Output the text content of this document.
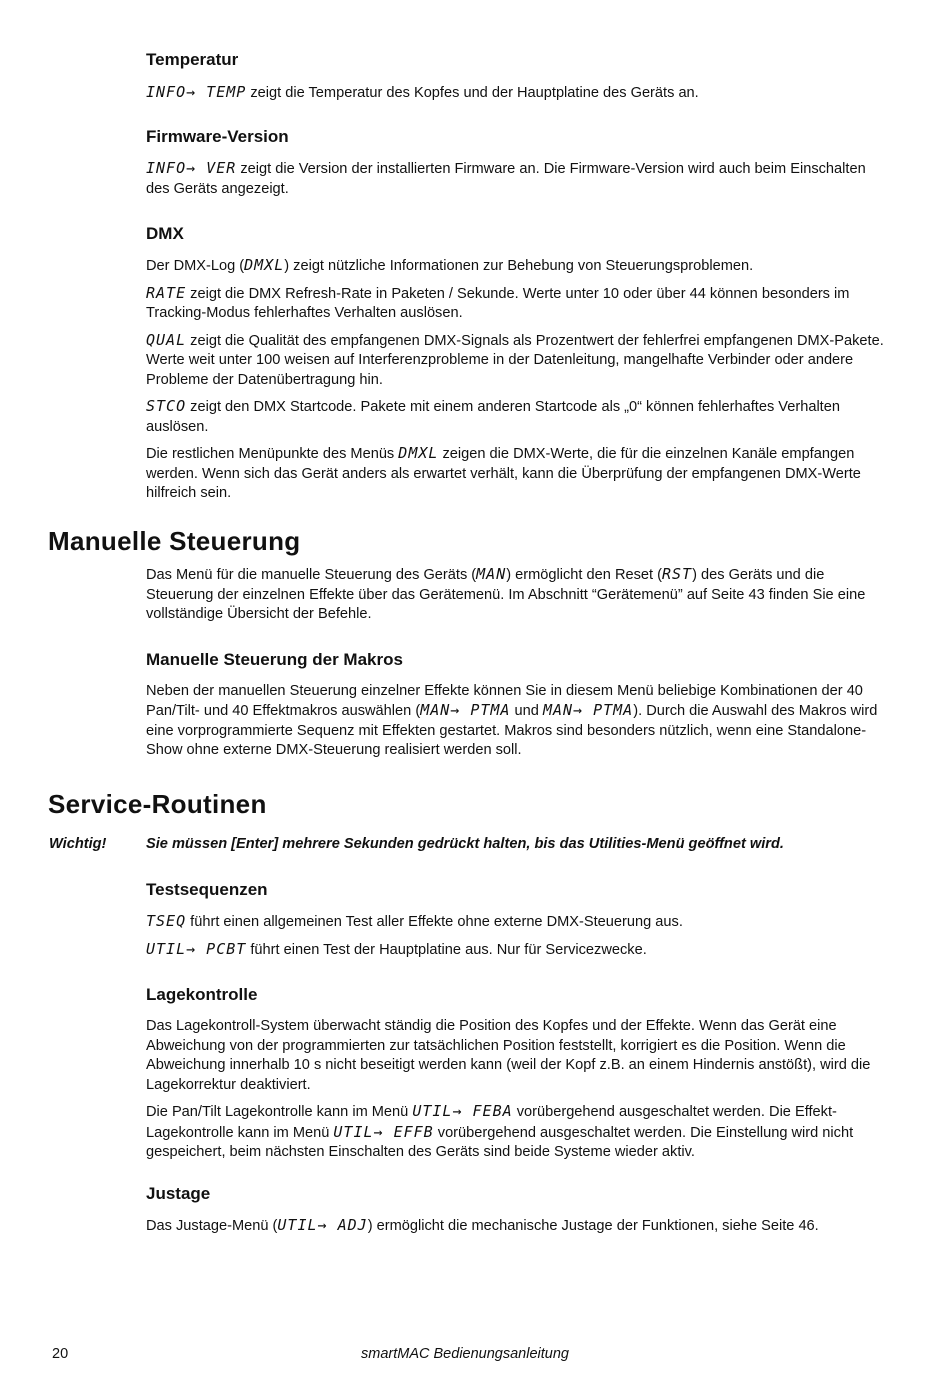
Temperatur

INFO→ TEMP zeigt die Temperatur des Kopfes und der Hauptplatine des Geräts an.

Firmware-Version

INFO→ VER zeigt die Version der installierten Firmware an. Die Firmware-Version wird auch beim Einschalten des Geräts angezeigt.

DMX

Der DMX-Log (DMXL) zeigt nützliche Informationen zur Behebung von Steuerungsproblemen.

RATE zeigt die DMX Refresh-Rate in Paketen / Sekunde. Werte unter 10 oder über 44 können besonders im Tracking-Modus fehlerhaftes Verhalten auslösen.

QUAL zeigt die Qualität des empfangenen DMX-Signals als Prozentwert der fehlerfrei empfangenen DMX-Pakete. Werte weit unter 100 weisen auf Interferenzprobleme in der Datenleitung, mangelhafte Verbinder oder andere Probleme der Datenübertragung hin.

STCO zeigt den DMX Startcode. Pakete mit einem anderen Startcode als „0“ können fehlerhaftes Verhalten auslösen.

Die restlichen Menüpunkte des Menüs DMXL zeigen die DMX-Werte, die für die einzelnen Kanäle empfangen werden. Wenn sich das Gerät anders als erwartet verhält, kann die Überprüfung der empfangenen DMX-Werte hilfreich sein.

Manuelle Steuerung

Das Menü für die manuelle Steuerung des Geräts (MAN) ermöglicht den Reset (RST) des Geräts und die Steuerung der einzelnen Effekte über das Gerätemenü. Im Abschnitt “Gerätemenü” auf Seite 43 finden Sie eine vollständige Übersicht der Befehle.

Manuelle Steuerung der Makros

Neben der manuellen Steuerung einzelner Effekte können Sie in diesem Menü beliebige Kombinationen der 40 Pan/Tilt- und 40 Effektmakros auswählen (MAN→ PTMA und MAN→ PTMA). Durch die Auswahl des Makros wird eine vorprogrammierte Sequenz mit Effekten gestartet. Makros sind besonders nützlich, wenn eine Standalone-Show ohne externe DMX-Steuerung realisiert werden soll.

Service-Routinen
Wichtig!	Sie müssen [Enter] mehrere Sekunden gedrückt halten, bis das Utilities-Menü geöffnet wird.
Testsequenzen

TSEQ führt einen allgemeinen Test aller Effekte ohne externe DMX-Steuerung aus.

UTIL→ PCBT führt einen Test der Hauptplatine aus. Nur für Servicezwecke.

Lagekontrolle

Das Lagekontroll-System überwacht ständig die Position des Kopfes und der Effekte. Wenn das Gerät eine Abweichung von der programmierten zur tatsächlichen Position feststellt, korrigiert es die Position. Wenn die Abweichung innerhalb 10 s nicht beseitigt werden kann (weil der Kopf z.B. an einem Hindernis anstößt), wird die Lagekorrektur deaktiviert.

Die Pan/Tilt Lagekontrolle kann im Menü UTIL→ FEBA vorübergehend ausgeschaltet werden. Die Effekt-Lagekontrolle kann im Menü UTIL→ EFFB vorübergehend ausgeschaltet werden. Die Einstellung wird nicht gespeichert, beim nächsten Einschalten des Geräts sind beide Systeme wieder aktiv.

Justage

Das Justage-Menü (UTIL→ ADJ) ermöglicht die mechanische Justage der Funktionen, siehe Seite 46.

20	smartMAC Bedienungsanleitung
